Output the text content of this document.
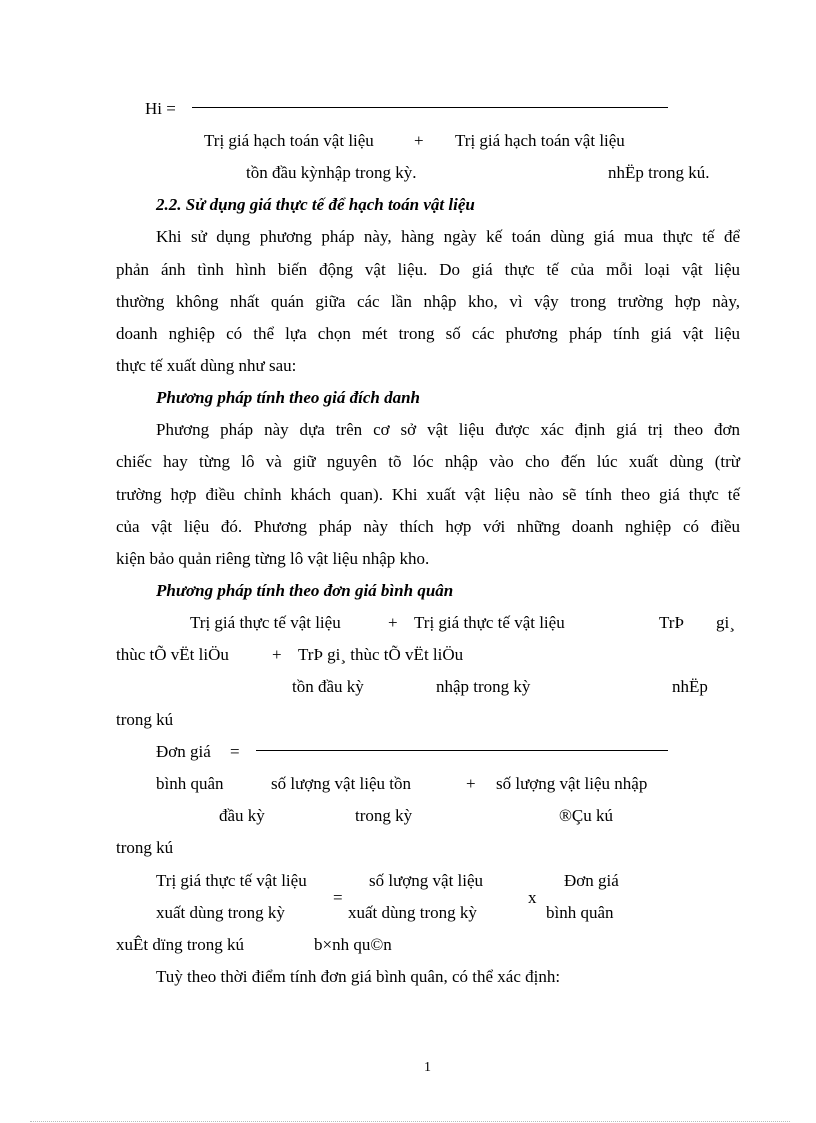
Hi =
Trị giá hạch toán vật liệu + Trị giá hạch toán vật liệu
tồn đầu kỳnhập trong kỳ.	nhËp trong kú.
2.2. Sử dụng giá thực tế để hạch toán vật liệu
Khi sử dụng phương pháp này, hàng ngày kế toán dùng giá mua thực tế để
phản ánh tình hình biến động vật liệu. Do giá thực tế của mỗi loại vật liệu
thường không nhất quán giữa các lần nhập kho, vì vậy trong trường hợp này,
doanh nghiệp có thể lựa chọn mét trong số các phương pháp tính giá vật liệu
thực tế xuất dùng như sau:
Phương pháp tính theo giá đích danh
Phương pháp này dựa trên cơ sở vật liệu được xác định giá trị theo đơn
chiếc hay từng lô và giữ nguyên tõ lóc nhập vào cho đến lúc xuất dùng (trừ
trường hợp điều chỉnh khách quan). Khi xuất vật liệu nào sẽ tính theo giá thực tế
của vật liệu đó. Phương pháp này thích hợp với những doanh nghiệp có điều
kiện bảo quản riêng từng lô vật liệu nhập kho.
Phương pháp tính theo đơn giá bình quân
Trị giá thực tế vật liệu	+ Trị giá thực tế vật liệu	TrÞ gi¸
thùc tÕ vËt liÖu	+ TrÞ gi¸ thùc tÕ vËt liÖu
tồn đầu kỳ	nhập trong kỳ	nhËp
trong kú
Đơn giá =
bình quân	số lượng vật liệu tồn	+ số lượng vật liệu nhập
đầu kỳ	trong kỳ	®Çu kú
trong kú
Trị giá thực tế vật liệu
=
số lượng vật liệu
x
Đơn giá
xuất dùng trong kỳ	xuất dùng trong kỳ	bình quân
xuÊt dïng trong kú	b×nh qu©n
Tuỳ theo thời điểm tính đơn giá bình quân, có thể xác định:
1
